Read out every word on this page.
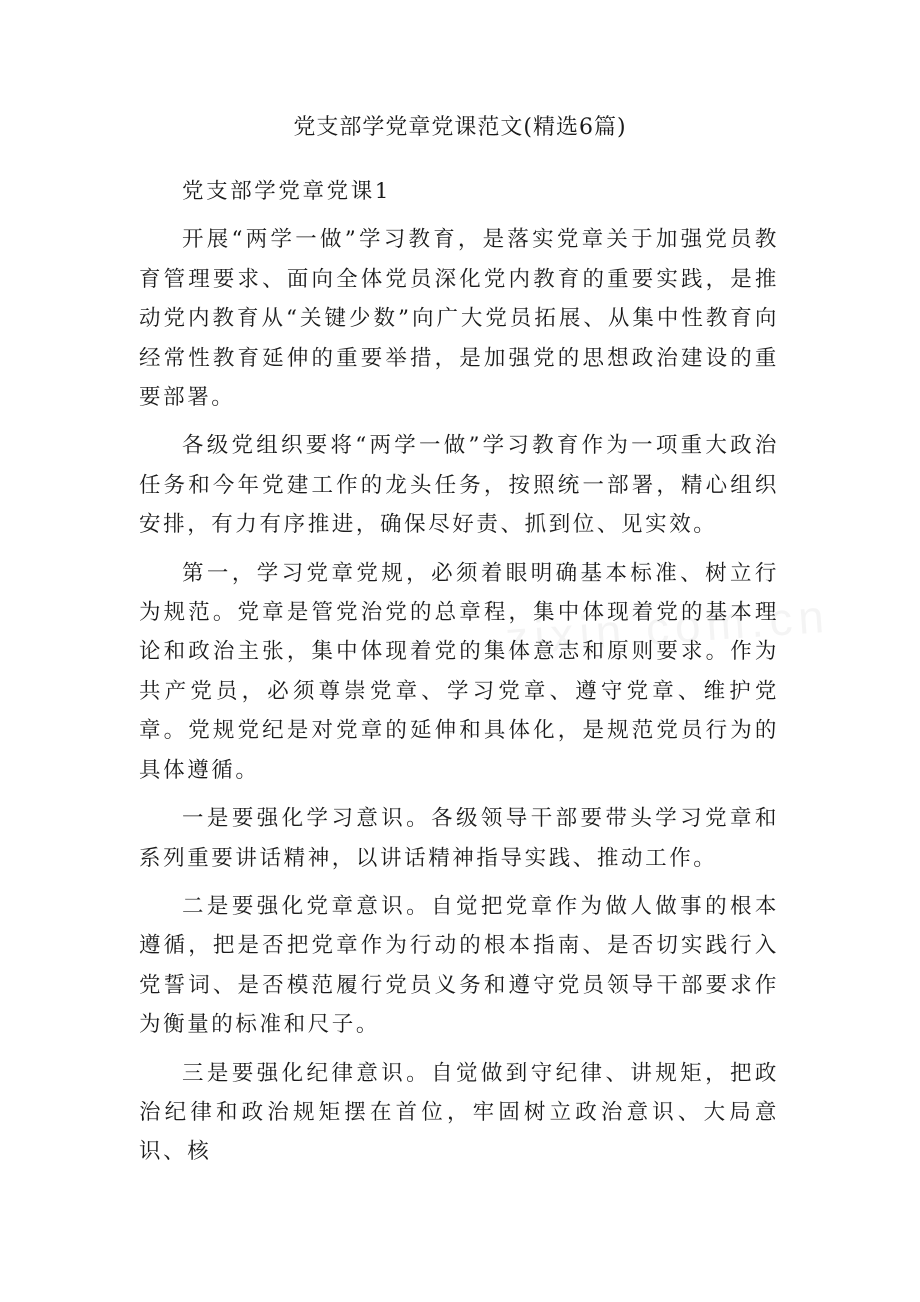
党支部学党章党课范文(精选6篇)

党支部学党章党课1

开展“两学一做”学习教育，是落实党章关于加强党员教育管理要求、面向全体党员深化党内教育的重要实践，是推动党内教育从“关键少数”向广大党员拓展、从集中性教育向经常性教育延伸的重要举措，是加强党的思想政治建设的重要部署。

各级党组织要将“两学一做”学习教育作为一项重大政治任务和今年党建工作的龙头任务，按照统一部署，精心组织安排，有力有序推进，确保尽好责、抓到位、见实效。

第一，学习党章党规，必须着眼明确基本标准、树立行为规范。党章是管党治党的总章程，集中体现着党的基本理论和政治主张，集中体现着党的集体意志和原则要求。作为共产党员，必须尊崇党章、学习党章、遵守党章、维护党章。党规党纪是对党章的延伸和具体化，是规范党员行为的具体遵循。

一是要强化学习意识。各级领导干部要带头学习党章和系列重要讲话精神，以讲话精神指导实践、推动工作。

二是要强化党章意识。自觉把党章作为做人做事的根本遵循，把是否把党章作为行动的根本指南、是否切实践行入党誓词、是否模范履行党员义务和遵守党员领导干部要求作为衡量的标准和尺子。

三是要强化纪律意识。自觉做到守纪律、讲规矩，把政治纪律和政治规矩摆在首位，牢固树立政治意识、大局意识、核
